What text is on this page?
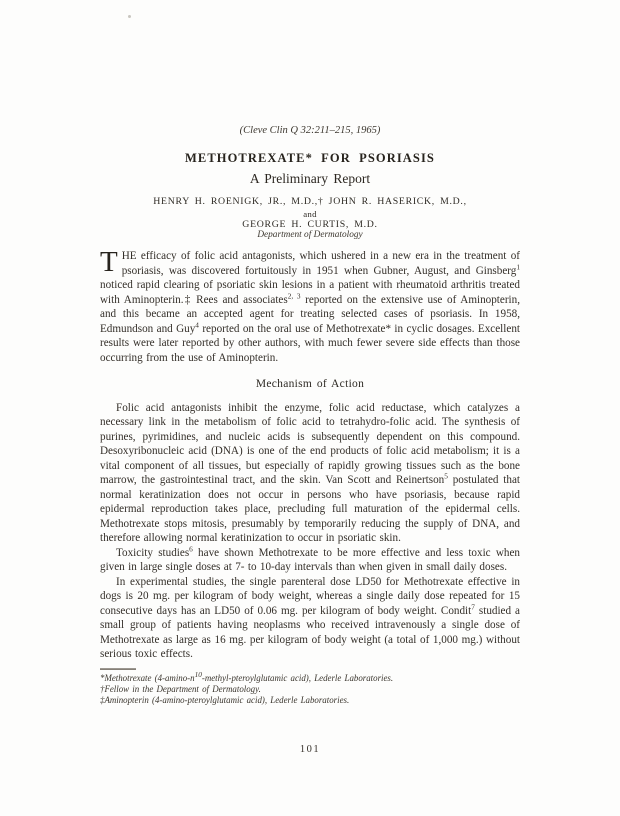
(Cleve Clin Q 32:211–215, 1965)
METHOTREXATE* FOR PSORIASIS
A Preliminary Report
HENRY H. ROENIGK, JR., M.D.,† JOHN R. HASERICK, M.D.,
and
GEORGE H. CURTIS, M.D.
Department of Dermatology

THE efficacy of folic acid antagonists, which ushered in a new era in the treatment of psoriasis, was discovered fortuitously in 1951 when Gubner, August, and Ginsberg$^1$ noticed rapid clearing of psoriatic skin lesions in a patient with rheumatoid arthritis treated with Aminopterin.‡ Rees and associates$^{2, 3}$ reported on the extensive use of Aminopterin, and this became an accepted agent for treating selected cases of psoriasis. In 1958, Edmundson and Guy$^4$ reported on the oral use of Methotrexate* in cyclic dosages. Excellent results were later reported by other authors, with much fewer severe side effects than those occurring from the use of Aminopterin.

Mechanism of Action

Folic acid antagonists inhibit the enzyme, folic acid reductase, which catalyzes a necessary link in the metabolism of folic acid to tetrahydro-folic acid. The synthesis of purines, pyrimidines, and nucleic acids is subsequently dependent on this compound. Desoxyribonucleic acid (DNA) is one of the end products of folic acid metabolism; it is a vital component of all tissues, but especially of rapidly growing tissues such as the bone marrow, the gastrointestinal tract, and the skin. Van Scott and Reinertson$^5$ postulated that normal keratinization does not occur in persons who have psoriasis, because rapid epidermal reproduction takes place, precluding full maturation of the epidermal cells. Methotrexate stops mitosis, presumably by temporarily reducing the supply of DNA, and therefore allowing normal keratinization to occur in psoriatic skin.

Toxicity studies$^6$ have shown Methotrexate to be more effective and less toxic when given in large single doses at 7- to 10-day intervals than when given in small daily doses.

In experimental studies, the single parenteral dose LD50 for Methotrexate effective in dogs is 20 mg. per kilogram of body weight, whereas a single daily dose repeated for 15 consecutive days has an LD50 of 0.06 mg. per kilogram of body weight. Condit$^7$ studied a small group of patients having neoplasms who received intravenously a single dose of Methotrexate as large as 16 mg. per kilogram of body weight (a total of 1,000 mg.) without serious toxic effects.

*Methotrexate ($4-amino-n^{10}-methyl$-pteroylglutamic acid), Lederle Laboratories.

†Fellow in the Department of Dermatology.

‡Aminopterin (4-amino-pteroylglutamic acid), Lederle Laboratories.

101
